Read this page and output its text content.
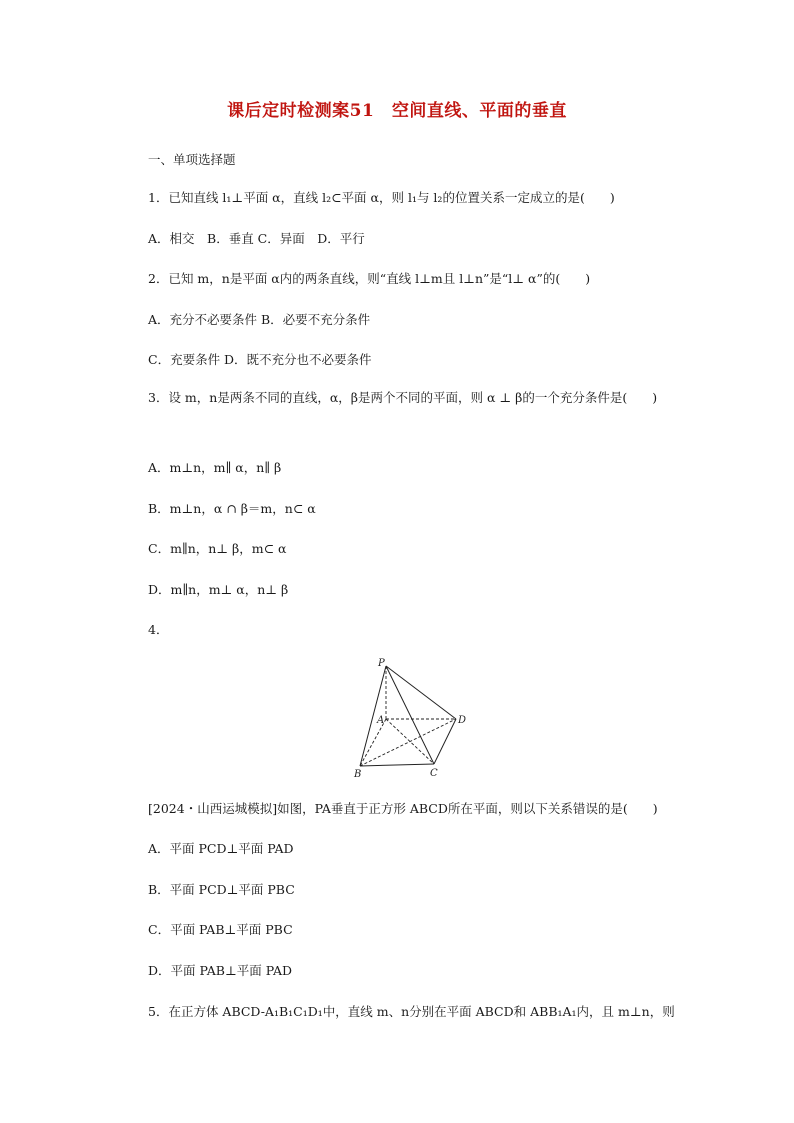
课后定时检测案51　空间直线、平面的垂直
一、单项选择题
1．已知直线 l₁⊥平面 α，直线 l₂⊂平面 α，则 l₁与 l₂的位置关系一定成立的是(　　)
A．相交　B．垂直 C．异面　D．平行
2．已知 m，n是平面 α内的两条直线，则“直线 l⊥m且 l⊥n”是“l⊥ α”的(　　)
A．充分不必要条件 B．必要不充分条件
C．充要条件 D．既不充分也不必要条件
3．设 m，n是两条不同的直线，α，β是两个不同的平面，则 α ⊥ β的一个充分条件是(　　)
A．m⊥n，m∥ α，n∥ β
B．m⊥n，α ∩ β＝m，n⊂ α
C．m∥n，n⊥ β，m⊂ α
D．m∥n，m⊥ α，n⊥ β
4．
P
A	D
B	C
[2024・山西运城模拟]如图，PA垂直于正方形 ABCD所在平面，则以下关系错误的是(　　)
A．平面 PCD⊥平面 PAD
B．平面 PCD⊥平面 PBC
C．平面 PAB⊥平面 PBC
D．平面 PAB⊥平面 PAD
5．在正方体 ABCD-A₁B₁C₁D₁中，直线 m、n分别在平面 ABCD和 ABB₁A₁内，且 m⊥n，则
